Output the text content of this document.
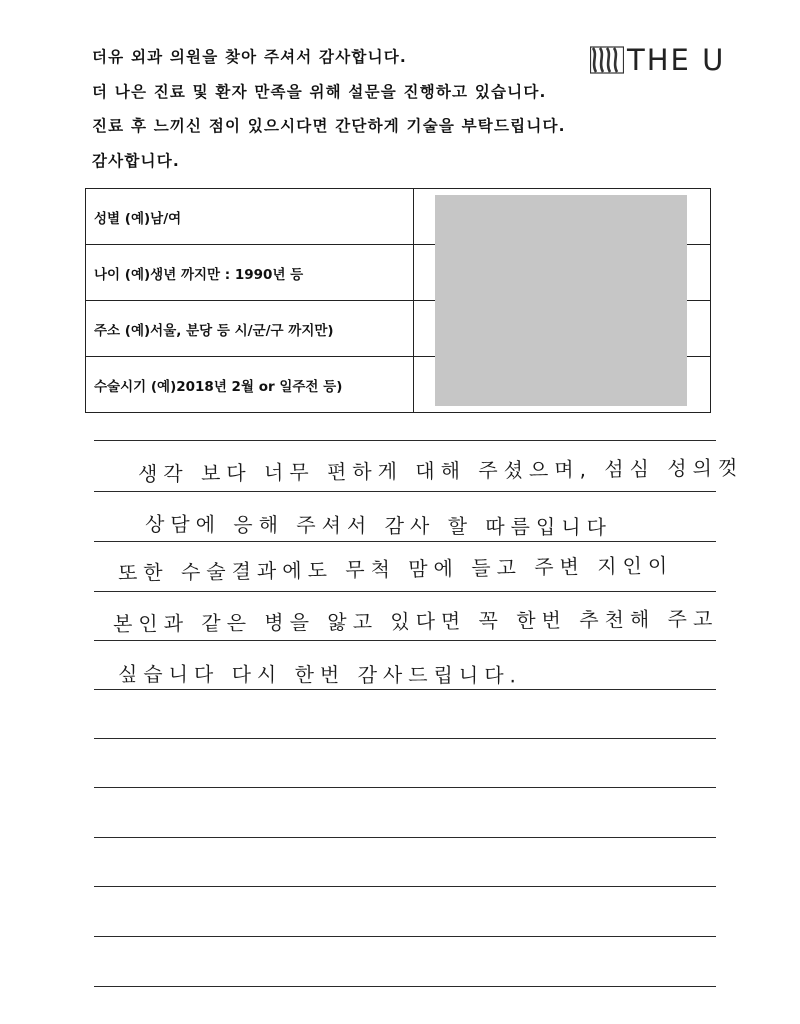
더유 외과 의원을 찾아 주셔서 감사합니다.
더 나은 진료 및 환자 만족을 위해 설문을 진행하고 있습니다.
진료 후 느끼신 점이 있으시다면 간단하게 기술을 부탁드립니다.
감사합니다.
THE U
성별 (예)남/여	
나이 (예)생년 까지만 : 1990년 등	
주소 (예)서울, 분당 등 시/군/구 까지만)	
수술시기 (예)2018년 2월 or 일주전 등)	
생각 보다 너무 편하게 대해 주셨으며, 섬심 성의껏
상담에 응해 주셔서 감사 할 따름입니다
또한 수술결과에도 무척 맘에 들고 주변 지인이
본인과 같은 병을 앓고 있다면 꼭 한번 추천해 주고
싶습니다 다시 한번 감사드립니다.
